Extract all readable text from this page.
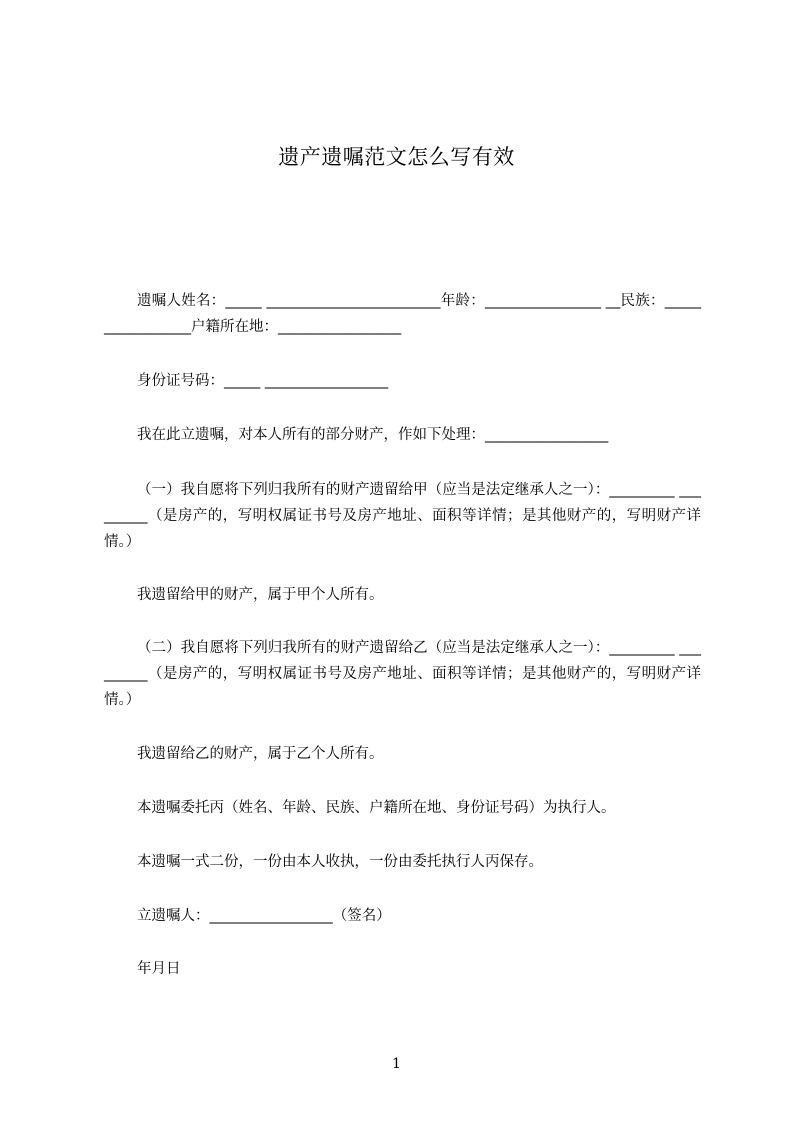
遗产遗嘱范文怎么写有效

遗嘱人姓名：_____ ________________________年龄：________________ __民族：_________________户籍所在地：_________________

身份证号码：_____ _________________

我在此立遗嘱，对本人所有的部分财产，作如下处理：_________________

（一）我自愿将下列归我所有的财产遗留给甲（应当是法定继承人之一）：_________ _________（是房产的，写明权属证书号及房产地址、面积等详情；是其他财产的，写明财产详情。）

我遗留给甲的财产，属于甲个人所有。

（二）我自愿将下列归我所有的财产遗留给乙（应当是法定继承人之一）：_________ _________（是房产的，写明权属证书号及房产地址、面积等详情；是其他财产的，写明财产详情。）

我遗留给乙的财产，属于乙个人所有。

本遗嘱委托丙（姓名、年龄、民族、户籍所在地、身份证号码）为执行人。

本遗嘱一式二份，一份由本人收执，一份由委托执行人丙保存。

立遗嘱人：_________________（签名）

年月日

1
